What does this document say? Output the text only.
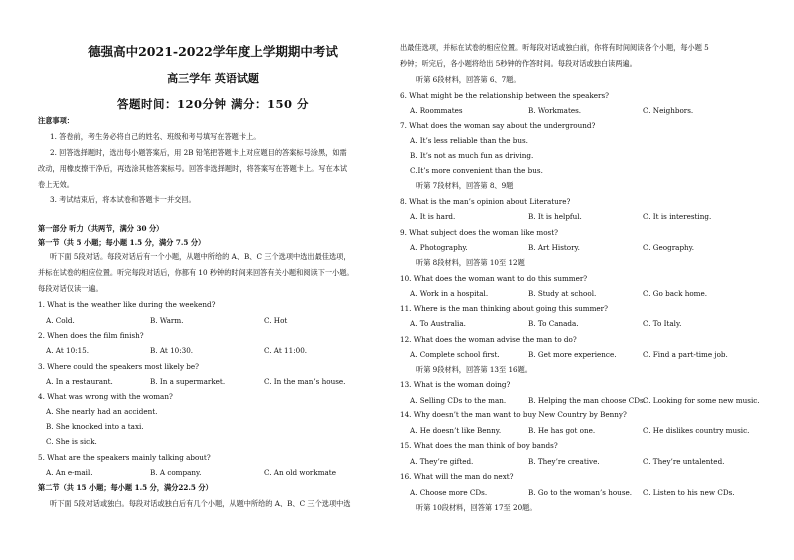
德强高中2021-2022学年度上学期期中考试
高三学年 英语试题
答题时间：120分钟 满分：150 分
注意事项：
1. 答卷前，考生务必将自己的姓名、班级和考号填写在答题卡上。
2. 回答选择题时，选出每小题答案后，用 2B 铅笔把答题卡上对应题目的答案标号涂黑，如需
改动，用橡皮擦干净后，再选涂其他答案标号。回答非选择题时，将答案写在答题卡上。写在本试
卷上无效。
3. 考试结束后，将本试卷和答题卡一并交回。
第一部分 听力（共两节，满分 30 分）
第一节（共 5 小题；每小题 1.5 分，满分 7.5 分）
听下面 5段对话。每段对话后有一个小题，从题中所给的 A、B、C 三个选项中选出最佳选项，
并标在试卷的相应位置。听完每段对话后，你都有 10 秒钟的时间来回答有关小题和阅读下一小题。
每段对话仅读一遍。
1. What is the weather like during the weekend?
A. Cold.	B. Warm.	C. Hot
2. When does the film finish?
A. At 10:15.	B. At 10:30.	C. At 11:00.
3. Where could the speakers most likely be?
A. In a restaurant.	B. In a supermarket.	C. In the man’s house.
4. What was wrong with the woman?
A. She nearly had an accident.
B. She knocked into a taxi.
C. She is sick.
5. What are the speakers mainly talking about?
A. An e-mail.	B. A company.	C. An old workmate
第二节（共 15 小题；每小题 1.5 分，满分22.5 分）
听下面 5段对话或独白。每段对话或独白后有几个小题，从题中所给的 A、B、C 三个选项中选
出最佳选项，并标在试卷的相应位置。听每段对话或独白前，你将有时间阅读各个小题，每小题 5
秒钟；听完后，各小题将给出 5秒钟的作答时间。每段对话或独白读两遍。
听第 6段材料，回答第 6、7题。
6. What might be the relationship between the speakers?
A. Roommates	B. Workmates.	C. Neighbors.
7. What does the woman say about the underground?
A. It’s less reliable than the bus.
B. It’s not as much fun as driving.
C.It’s more convenient than the bus.
听第 7段材料，回答第 8、9题
8. What is the man’s opinion about Literature?
A. It is hard.	B. It is helpful.	C. It is interesting.
9. What subject does the woman like most?
A. Photography.	B. Art History.	C. Geography.
听第 8段材料，回答第 10至 12题
10. What does the woman want to do this summer?
A. Work in a hospital.	B. Study at school.	C. Go back home.
11. Where is the man thinking about going this summer?
A. To Australia.	B. To Canada.	C. To Italy.
12. What does the woman advise the man to do?
A. Complete school first.	B. Get more experience.	C. Find a part-time job.
听第 9段材料，回答第 13至 16题。
13. What is the woman doing?
A. Selling CDs to the man.	B. Helping the man choose CDs.
C. Looking for some new music.
14. Why doesn’t the man want to buy New Country by Benny?
A. He doesn’t like Benny.	B. He has got one.	C. He dislikes country music.
15. What does the man think of boy bands?
A. They’re gifted.	B. They’re creative.	C. They’re untalented.
16. What will the man do next?
A. Choose more CDs.	B. Go to the woman’s house. C. Listen to his new CDs.
听第 10段材料，回答第 17至 20题。
